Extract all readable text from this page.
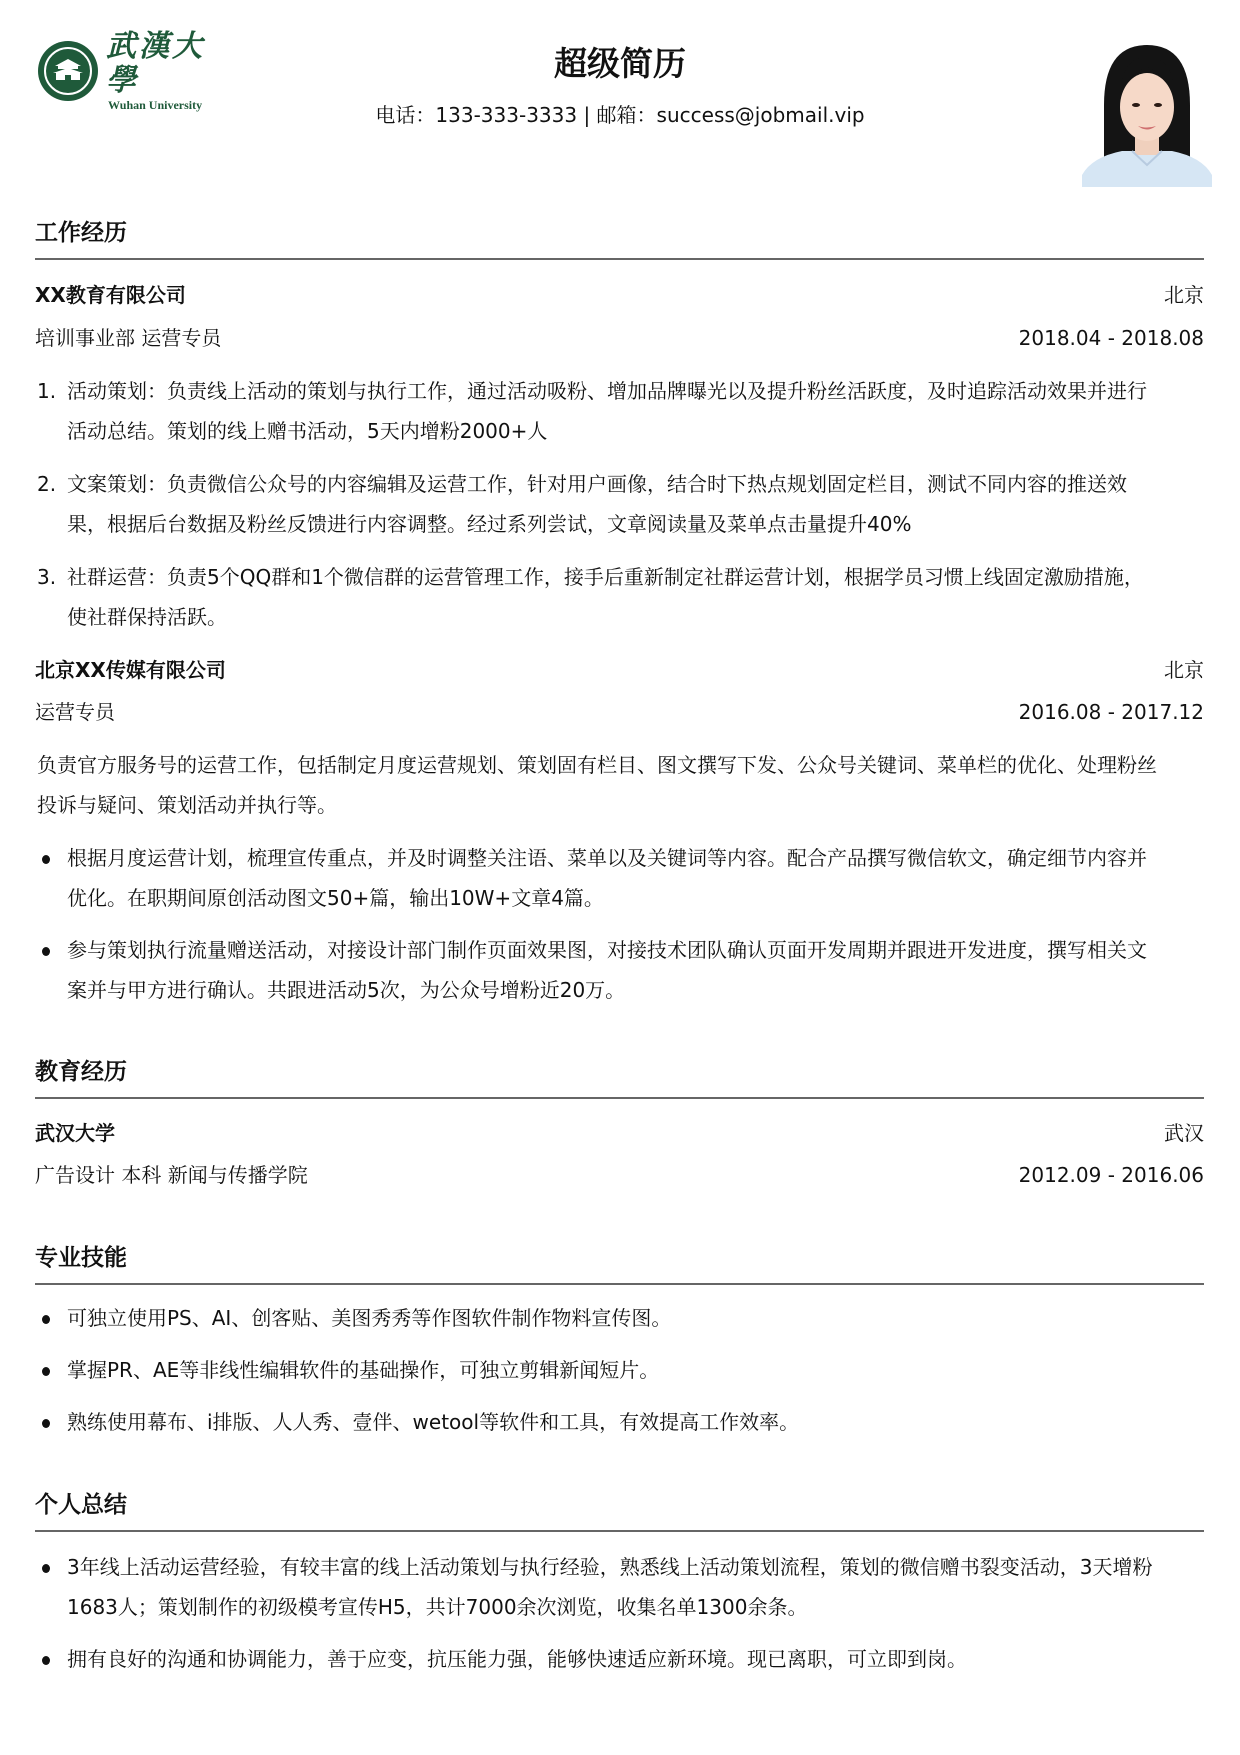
武漢大學
Wuhan University
超级简历
电话：133-333-3333 | 邮箱：success@jobmail.vip
工作经历
XX教育有限公司	北京
培训事业部 运营专员	2018.04 - 2018.08
1. 活动策划：负责线上活动的策划与执行工作，通过活动吸粉、增加品牌曝光以及提升粉丝活跃度，及时追踪活动效果并进行
活动总结。策划的线上赠书活动，5天内增粉2000+人
2. 文案策划：负责微信公众号的内容编辑及运营工作，针对用户画像，结合时下热点规划固定栏目，测试不同内容的推送效
果，根据后台数据及粉丝反馈进行内容调整。经过系列尝试，文章阅读量及菜单点击量提升40%
3. 社群运营：负责5个QQ群和1个微信群的运营管理工作，接手后重新制定社群运营计划，根据学员习惯上线固定激励措施，
使社群保持活跃。
北京XX传媒有限公司	北京
运营专员	2016.08 - 2017.12
负责官方服务号的运营工作，包括制定月度运营规划、策划固有栏目、图文撰写下发、公众号关键词、菜单栏的优化、处理粉丝
投诉与疑问、策划活动并执行等。
根据月度运营计划，梳理宣传重点，并及时调整关注语、菜单以及关键词等内容。配合产品撰写微信软文，确定细节内容并
优化。在职期间原创活动图文50+篇，输出10W+文章4篇。
参与策划执行流量赠送活动，对接设计部门制作页面效果图，对接技术团队确认页面开发周期并跟进开发进度，撰写相关文
案并与甲方进行确认。共跟进活动5次，为公众号增粉近20万。
教育经历
武汉大学	武汉
广告设计 本科 新闻与传播学院	2012.09 - 2016.06
专业技能
可独立使用PS、AI、创客贴、美图秀秀等作图软件制作物料宣传图。
掌握PR、AE等非线性编辑软件的基础操作，可独立剪辑新闻短片。
熟练使用幕布、i排版、人人秀、壹伴、wetool等软件和工具，有效提高工作效率。
个人总结
3年线上活动运营经验，有较丰富的线上活动策划与执行经验，熟悉线上活动策划流程，策划的微信赠书裂变活动，3天增粉
1683人；策划制作的初级模考宣传H5，共计7000余次浏览，收集名单1300余条。
拥有良好的沟通和协调能力，善于应变，抗压能力强，能够快速适应新环境。现已离职，可立即到岗。
